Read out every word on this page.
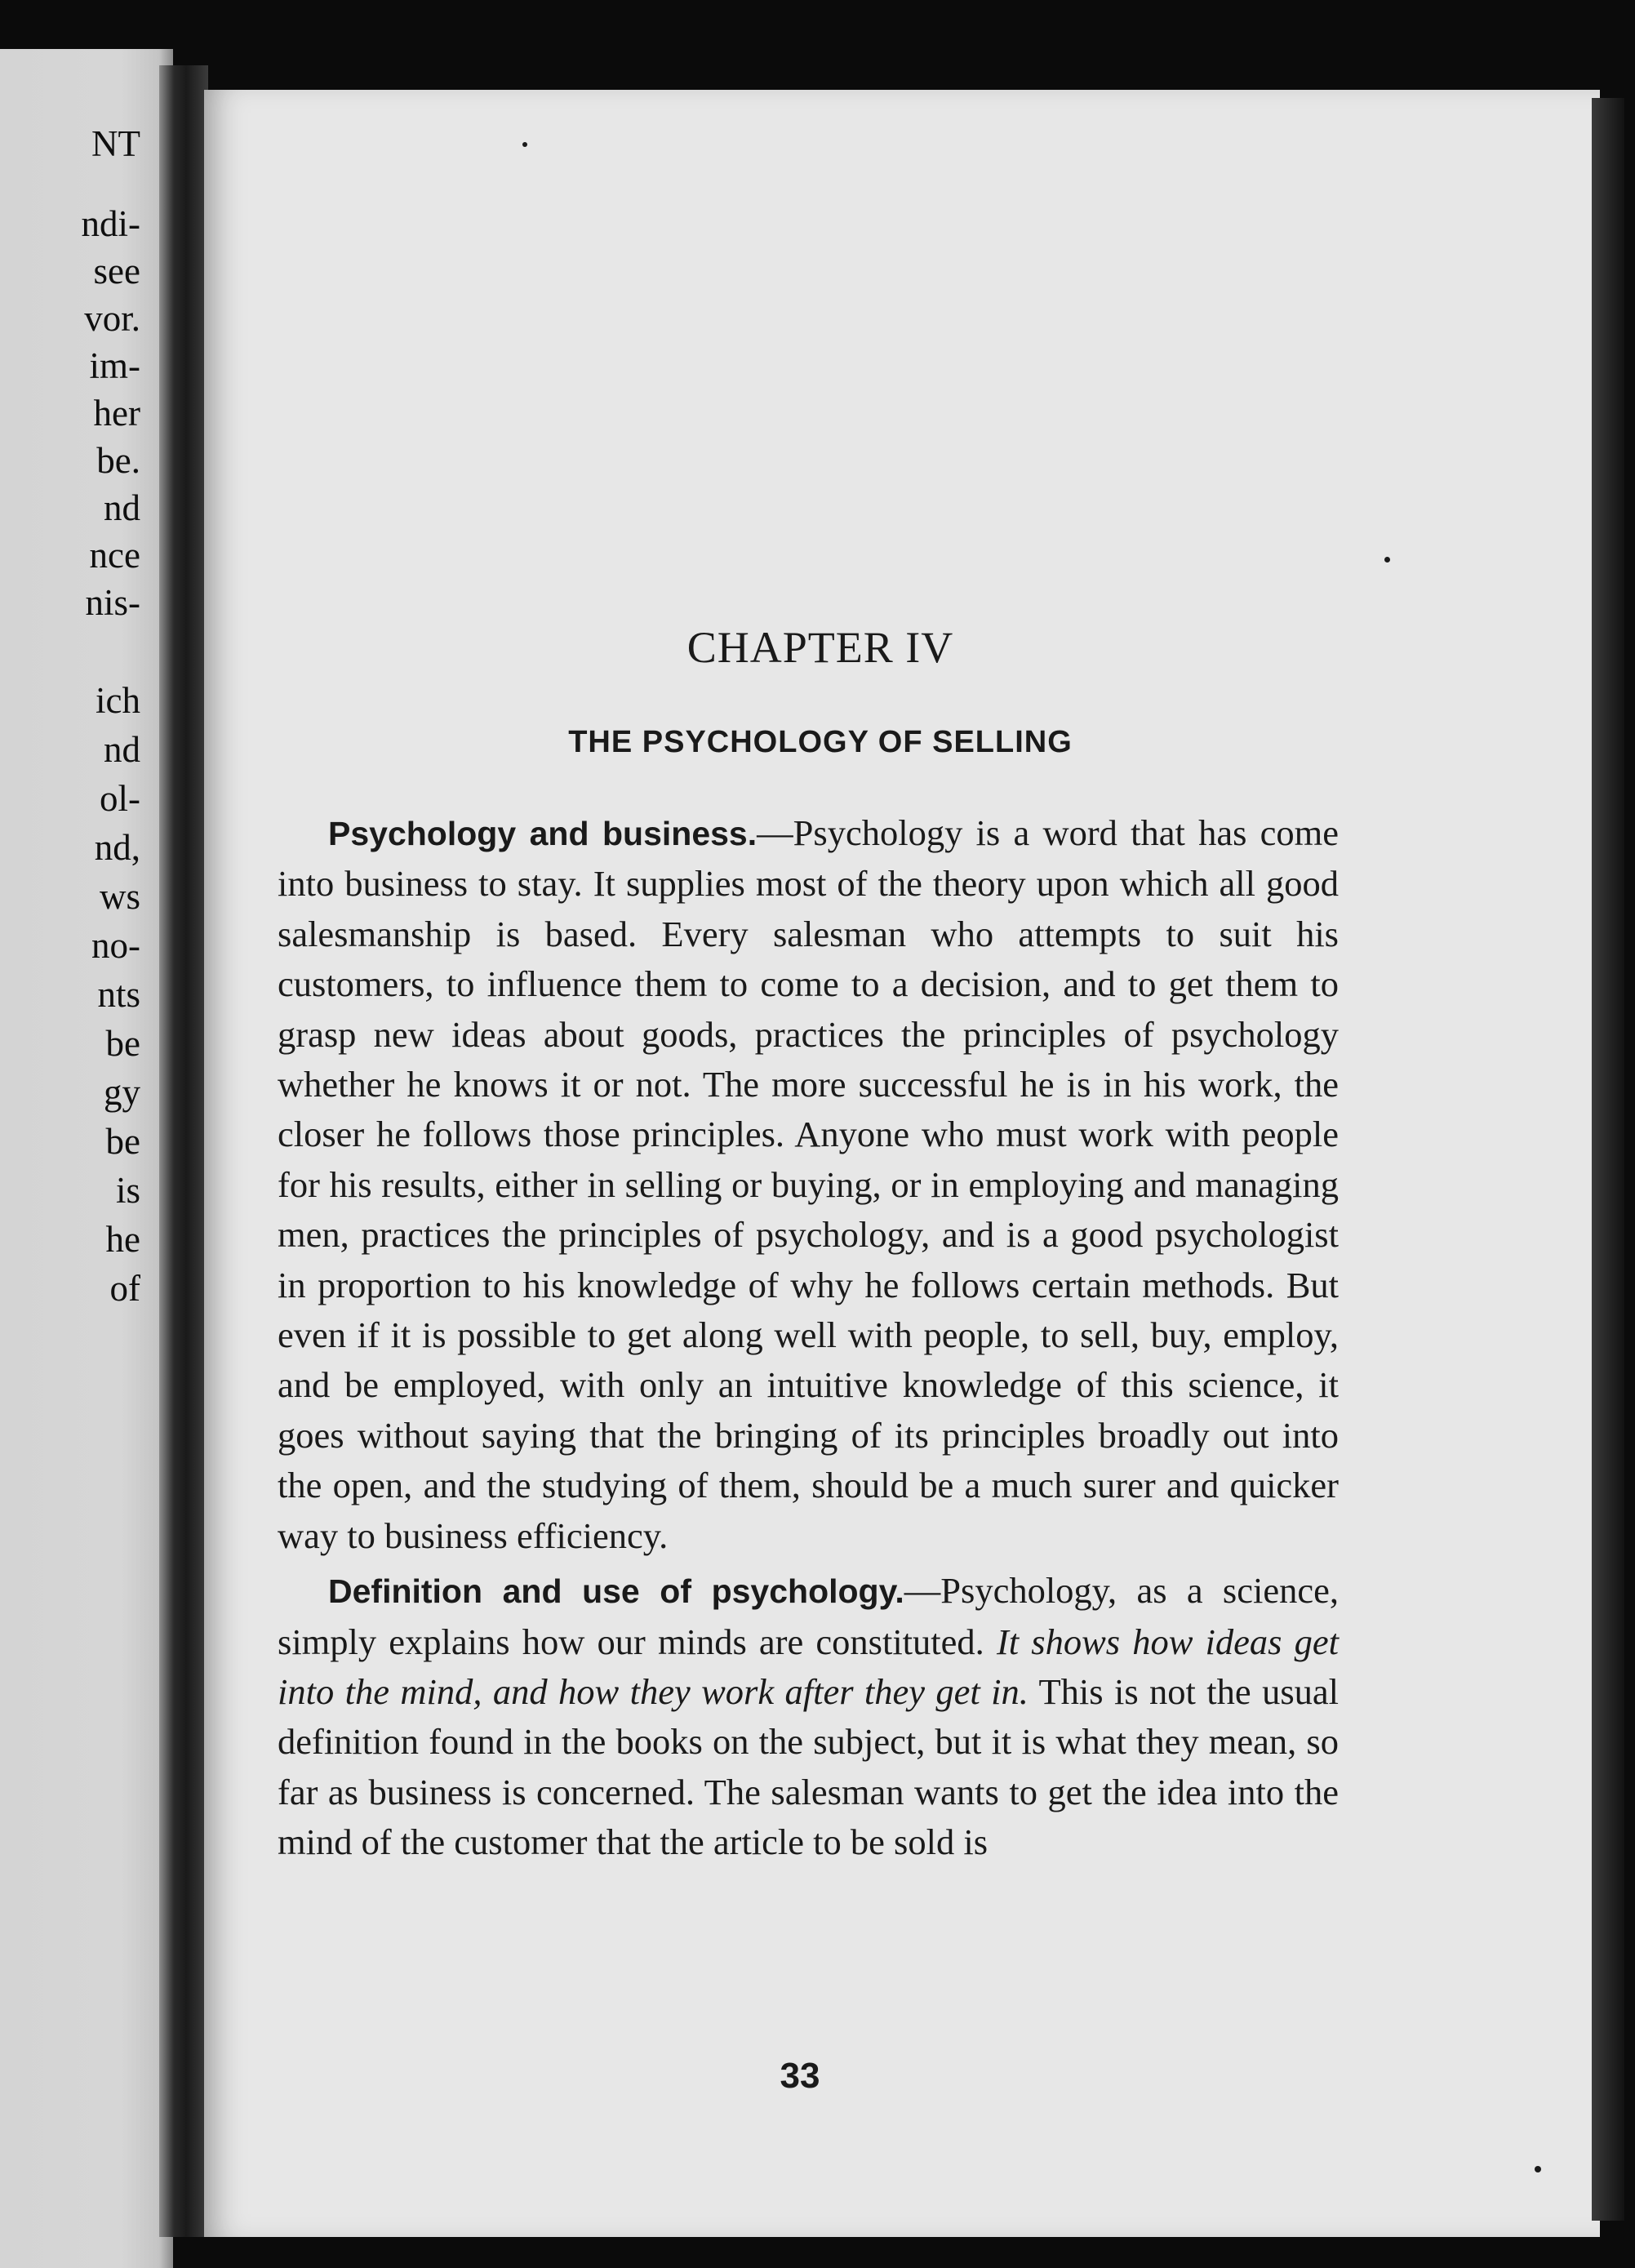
NT
ndi-
see
vor.
im-
her
be.
nd
nce
nis-
ich
nd
ol-
nd,
ws
no-
nts
be
gy
be
is
he
of
CHAPTER IV
THE PSYCHOLOGY OF SELLING
Psychology and business.—Psychology is a word that has come into business to stay. It supplies most of the theory upon which all good salesmanship is based. Every salesman who attempts to suit his customers, to influence them to come to a decision, and to get them to grasp new ideas about goods, practices the principles of psychology whether he knows it or not. The more successful he is in his work, the closer he follows those principles. Anyone who must work with people for his results, either in selling or buying, or in employing and managing men, practices the principles of psychology, and is a good psychologist in proportion to his knowledge of why he follows certain methods. But even if it is possible to get along well with people, to sell, buy, employ, and be employed, with only an intuitive knowledge of this science, it goes without saying that the bringing of its principles broadly out into the open, and the studying of them, should be a much surer and quicker way to business efficiency.
Definition and use of psychology.—Psychology, as a science, simply explains how our minds are constituted. It shows how ideas get into the mind, and how they work after they get in. This is not the usual definition found in the books on the subject, but it is what they mean, so far as business is concerned. The salesman wants to get the idea into the mind of the customer that the article to be sold is
33
